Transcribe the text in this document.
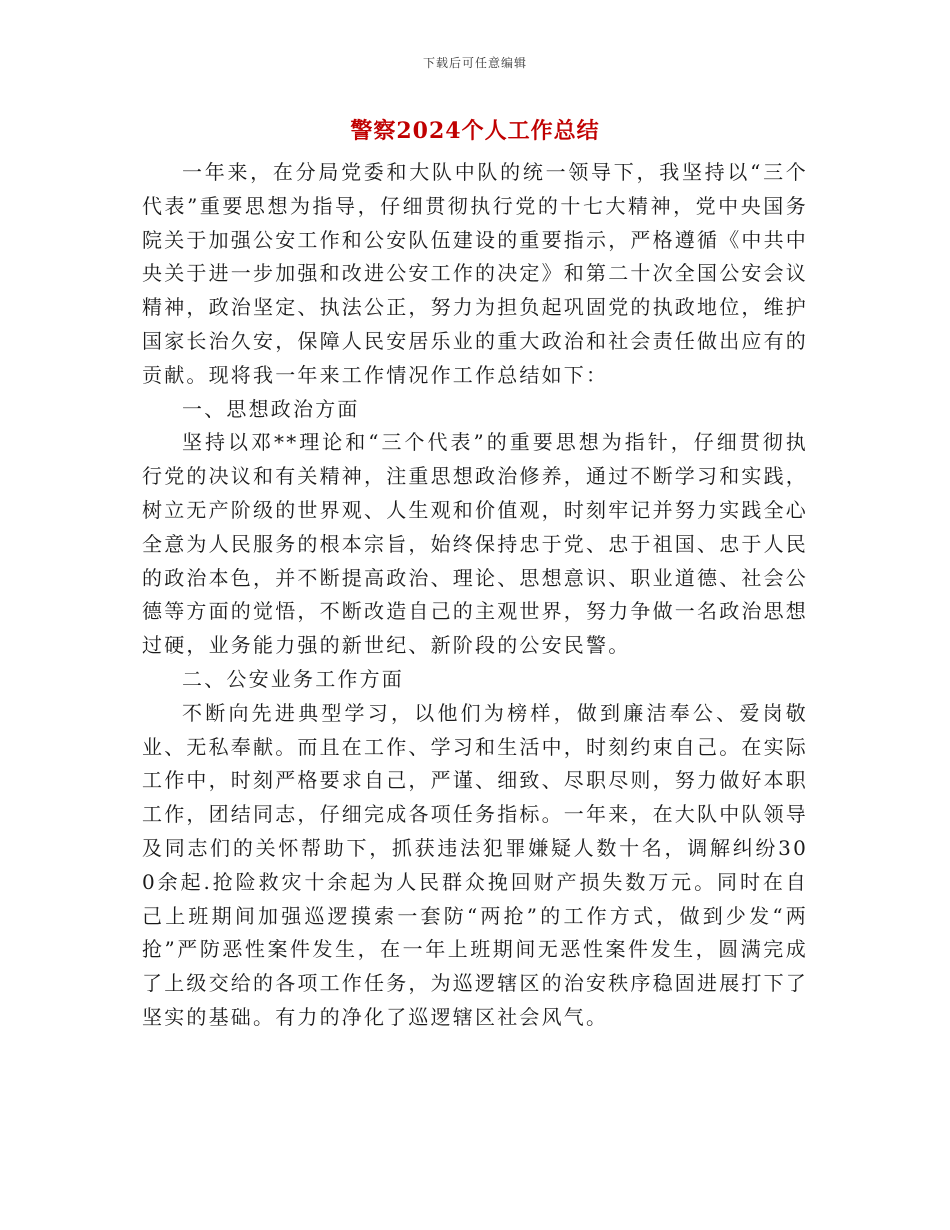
下载后可任意编辑
警察2024个人工作总结

一年来，在分局党委和大队中队的统一领导下，我坚持以“三个代表”重要思想为指导，仔细贯彻执行党的十七大精神，党中央国务院关于加强公安工作和公安队伍建设的重要指示，严格遵循《中共中央关于进一步加强和改进公安工作的决定》和第二十次全国公安会议精神，政治坚定、执法公正，努力为担负起巩固党的执政地位，维护国家长治久安，保障人民安居乐业的重大政治和社会责任做出应有的贡献。现将我一年来工作情况作工作总结如下：

一、思想政治方面

坚持以邓**理论和“三个代表”的重要思想为指针，仔细贯彻执行党的决议和有关精神，注重思想政治修养，通过不断学习和实践，树立无产阶级的世界观、人生观和价值观，时刻牢记并努力实践全心全意为人民服务的根本宗旨，始终保持忠于党、忠于祖国、忠于人民的政治本色，并不断提高政治、理论、思想意识、职业道德、社会公德等方面的觉悟，不断改造自己的主观世界，努力争做一名政治思想过硬，业务能力强的新世纪、新阶段的公安民警。

二、公安业务工作方面

不断向先进典型学习，以他们为榜样，做到廉洁奉公、爱岗敬业、无私奉献。而且在工作、学习和生活中，时刻约束自己。在实际工作中，时刻严格要求自己，严谨、细致、尽职尽则，努力做好本职工作，团结同志，仔细完成各项任务指标。一年来，在大队中队领导及同志们的关怀帮助下，抓获违法犯罪嫌疑人数十名，调解纠纷300余起.抢险救灾十余起为人民群众挽回财产损失数万元。同时在自己上班期间加强巡逻摸索一套防“两抢”的工作方式，做到少发“两抢”严防恶性案件发生，在一年上班期间无恶性案件发生，圆满完成了上级交给的各项工作任务，为巡逻辖区的治安秩序稳固进展打下了坚实的基础。有力的净化了巡逻辖区社会风气。
